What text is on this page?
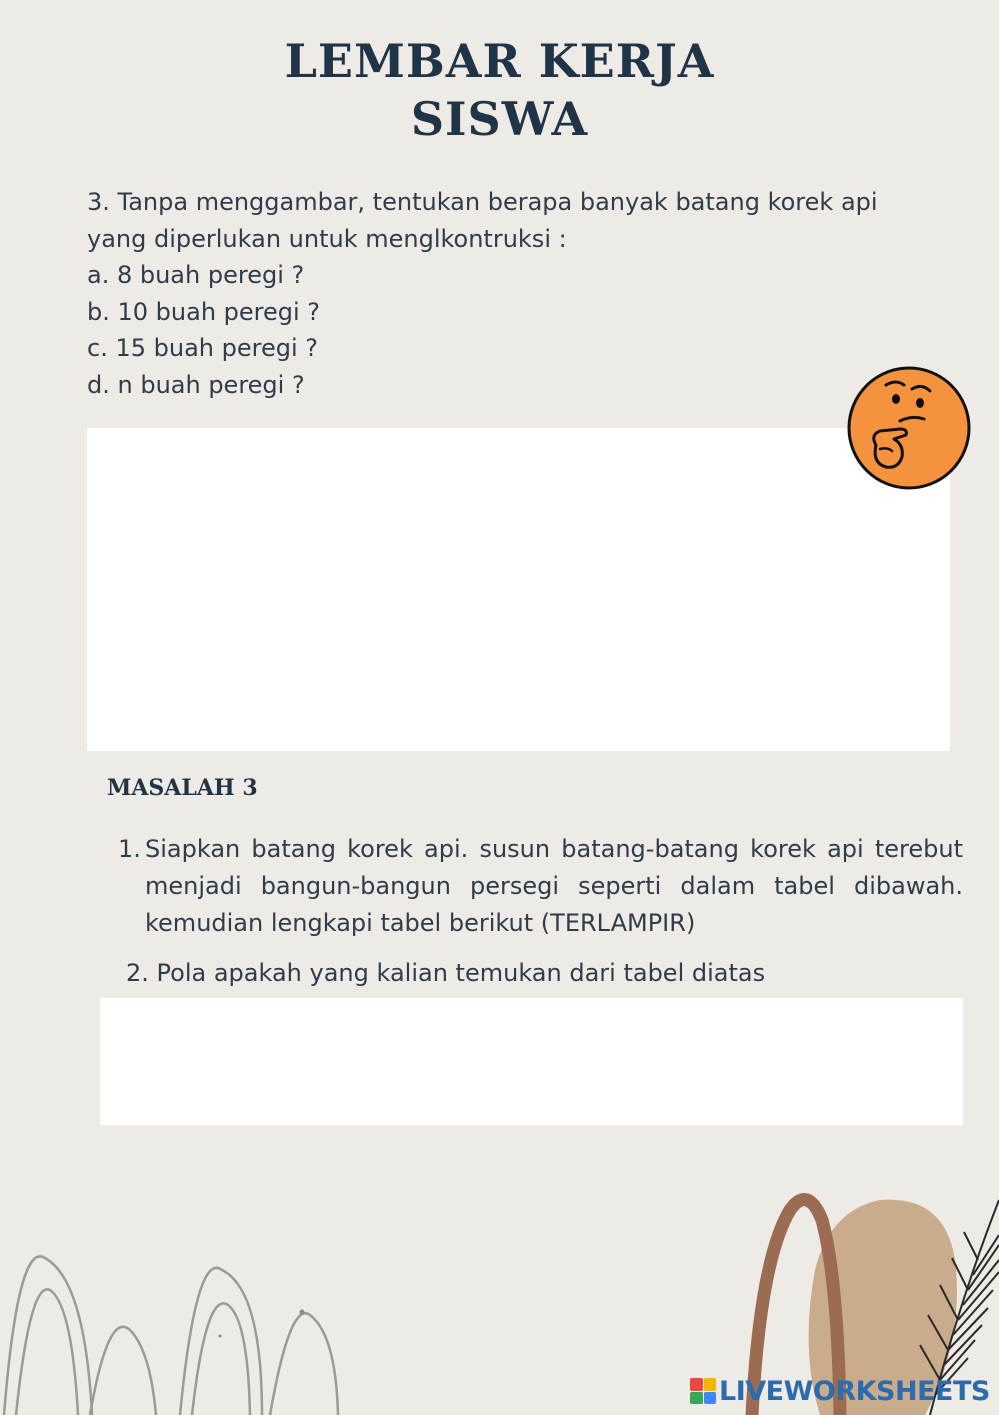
LEMBAR KERJA
SISWA
3. Tanpa menggambar, tentukan berapa banyak batang korek api
yang diperlukan untuk menglkontruksi :
a. 8 buah peregi ?
b. 10 buah peregi ?
c. 15 buah peregi ?
d. n buah peregi ?
MASALAH 3
1. Siapkan batang korek api. susun batang-batang korek api terebut menjadi bangun-bangun persegi seperti dalam tabel dibawah. kemudian lengkapi tabel berikut (TERLAMPIR)
2. Pola apakah yang kalian temukan dari tabel diatas
LIVEWORKSHEETS
